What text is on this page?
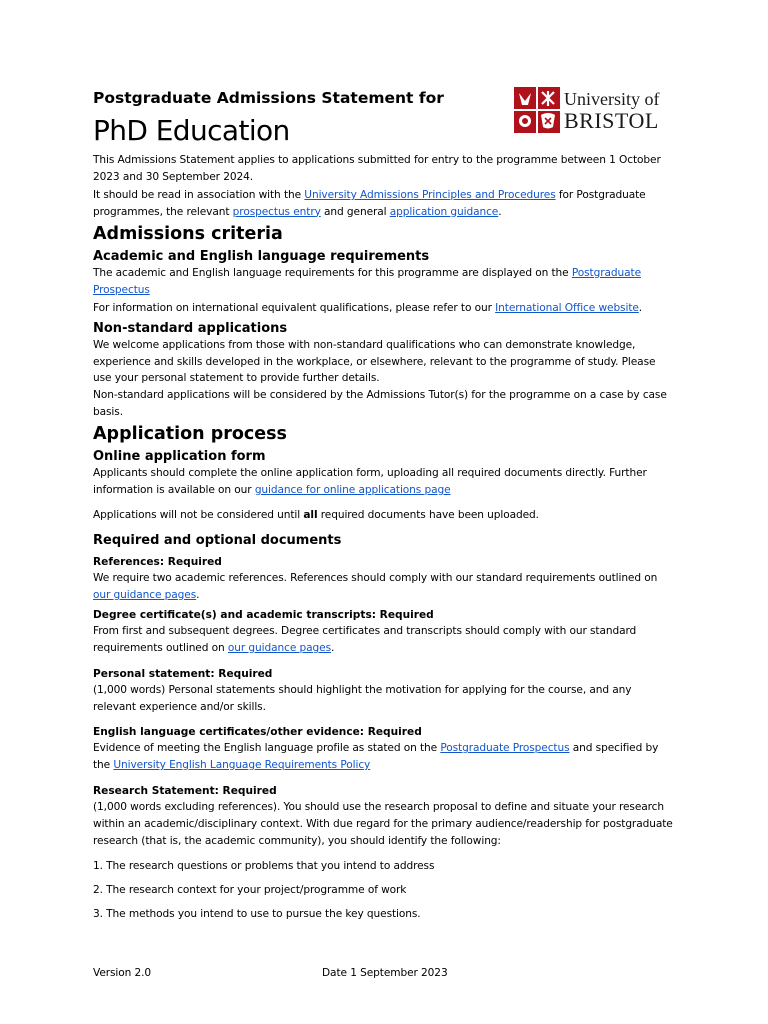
University of
BRISTOL
Postgraduate Admissions Statement for
PhD Education
This Admissions Statement applies to applications submitted for entry to the programme between 1 October 2023 and 30 September 2024.
It should be read in association with the University Admissions Principles and Procedures for Postgraduate programmes, the relevant prospectus entry and general application guidance.
Admissions criteria
Academic and English language requirements
The academic and English language requirements for this programme are displayed on the Postgraduate Prospectus
For information on international equivalent qualifications, please refer to our International Office website.
Non-standard applications
We welcome applications from those with non-standard qualifications who can demonstrate knowledge, experience and skills developed in the workplace, or elsewhere, relevant to the programme of study. Please use your personal statement to provide further details.
Non-standard applications will be considered by the Admissions Tutor(s) for the programme on a case by case basis.
Application process
Online application form
Applicants should complete the online application form, uploading all required documents directly. Further information is available on our guidance for online applications page
Applications will not be considered until all required documents have been uploaded.
Required and optional documents
References: Required
We require two academic references. References should comply with our standard requirements outlined on our guidance pages.
Degree certificate(s) and academic transcripts: Required
From first and subsequent degrees. Degree certificates and transcripts should comply with our standard requirements outlined on our guidance pages.
Personal statement: Required
(1,000 words) Personal statements should highlight the motivation for applying for the course, and any relevant experience and/or skills.
English language certificates/other evidence: Required
Evidence of meeting the English language profile as stated on the Postgraduate Prospectus and specified by the University English Language Requirements Policy
Research Statement: Required
(1,000 words excluding references). You should use the research proposal to define and situate your research within an academic/disciplinary context. With due regard for the primary audience/readership for postgraduate research (that is, the academic community), you should identify the following:
1. The research questions or problems that you intend to address
2. The research context for your project/programme of work
3. The methods you intend to use to pursue the key questions.
Version 2.0	Date 1 September 2023
